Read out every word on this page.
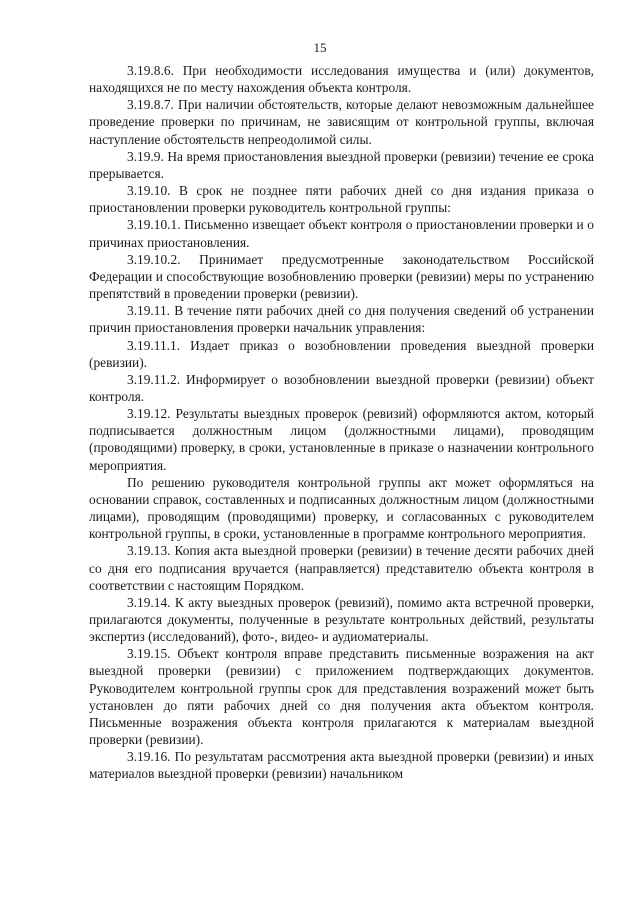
15

3.19.8.6. При необходимости исследования имущества и (или) документов, находящихся не по месту нахождения объекта контроля.

3.19.8.7. При наличии обстоятельств, которые делают невозможным дальнейшее проведение проверки по причинам, не зависящим от контрольной группы, включая наступление обстоятельств непреодолимой силы.

3.19.9. На время приостановления выездной проверки (ревизии) течение ее срока прерывается.

3.19.10. В срок не позднее пяти рабочих дней со дня издания приказа о приостановлении проверки руководитель контрольной группы:

3.19.10.1. Письменно извещает объект контроля о приостановлении проверки и о причинах приостановления.

3.19.10.2. Принимает предусмотренные законодательством Российской Федерации и способствующие возобновлению проверки (ревизии) меры по устранению препятствий в проведении проверки (ревизии).

3.19.11. В течение пяти рабочих дней со дня получения сведений об устранении причин приостановления проверки начальник управления:

3.19.11.1. Издает приказ о возобновлении проведения выездной проверки (ревизии).

3.19.11.2. Информирует о возобновлении выездной проверки (ревизии) объект контроля.

3.19.12. Результаты выездных проверок (ревизий) оформляются актом, который подписывается должностным лицом (должностными лицами), проводящим (проводящими) проверку, в сроки, установленные в приказе о назначении контрольного мероприятия.

По решению руководителя контрольной группы акт может оформляться на основании справок, составленных и подписанных должностным лицом (должностными лицами), проводящим (проводящими) проверку, и согласованных с руководителем контрольной группы, в сроки, установленные в программе контрольного мероприятия.

3.19.13. Копия акта выездной проверки (ревизии) в течение десяти рабочих дней со дня его подписания вручается (направляется) представителю объекта контроля в соответствии с настоящим Порядком.

3.19.14. К акту выездных проверок (ревизий), помимо акта встречной проверки, прилагаются документы, полученные в результате контрольных действий, результаты экспертиз (исследований), фото-, видео- и аудиоматериалы.

3.19.15. Объект контроля вправе представить письменные возражения на акт выездной проверки (ревизии) с приложением подтверждающих документов. Руководителем контрольной группы срок для представления возражений может быть установлен до пяти рабочих дней со дня получения акта объектом контроля. Письменные возражения объекта контроля прилагаются к материалам выездной проверки (ревизии).

3.19.16. По результатам рассмотрения акта выездной проверки (ревизии) и иных материалов выездной проверки (ревизии) начальником
